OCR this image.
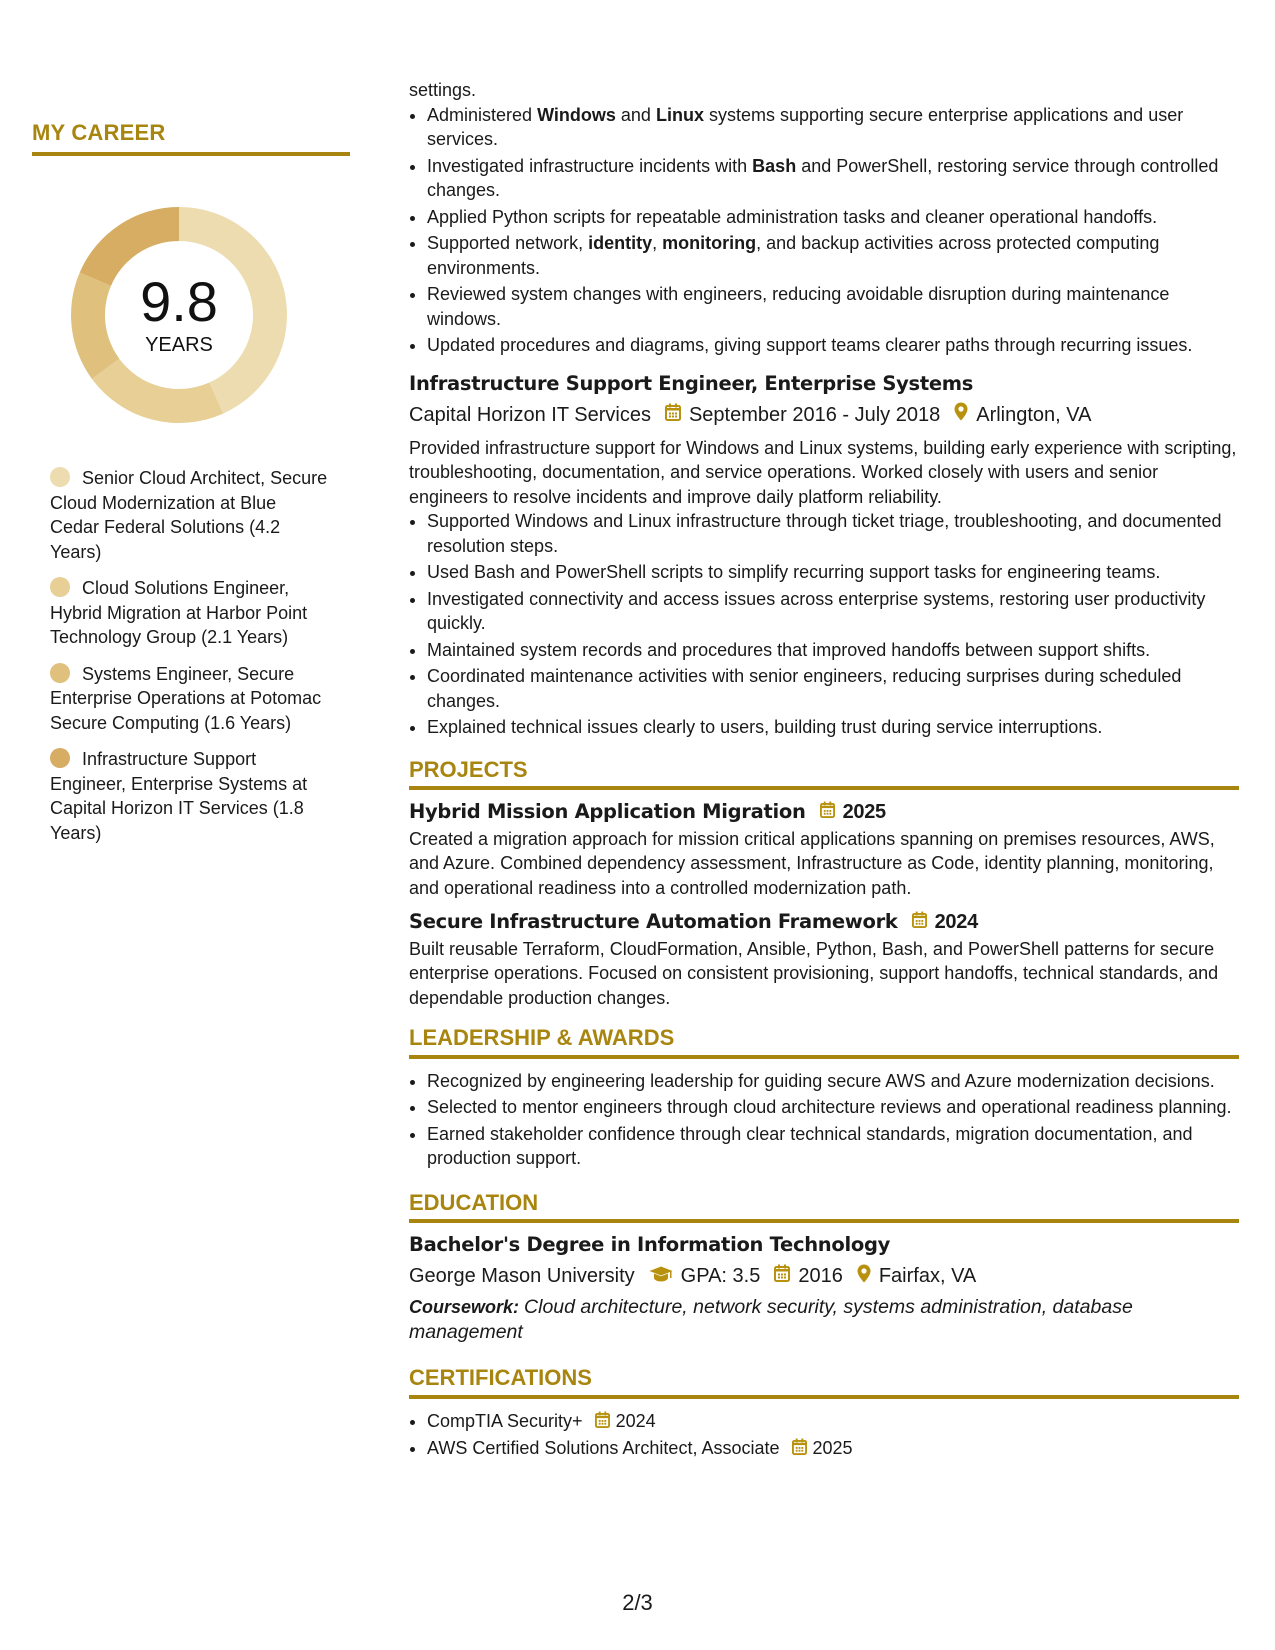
MY CAREER
9.8
YEARS
Senior Cloud Architect, Secure Cloud Modernization at Blue Cedar Federal Solutions (4.2 Years)
Cloud Solutions Engineer, Hybrid Migration at Harbor Point Technology Group (2.1 Years)
Systems Engineer, Secure Enterprise Operations at Potomac Secure Computing (1.6 Years)
Infrastructure Support Engineer, Enterprise Systems at Capital Horizon IT Services (1.8 Years)

settings.

• Administered Windows and Linux systems supporting secure enterprise applications and user services.
• Investigated infrastructure incidents with Bash and PowerShell, restoring service through controlled changes.
• Applied Python scripts for repeatable administration tasks and cleaner operational handoffs.
• Supported network, identity, monitoring, and backup activities across protected computing environments.
• Reviewed system changes with engineers, reducing avoidable disruption during maintenance windows.
• Updated procedures and diagrams, giving support teams clearer paths through recurring issues.
Infrastructure Support Engineer, Enterprise Systems
Capital Horizon IT Services September 2016 - July 2018 Arlington, VA

Provided infrastructure support for Windows and Linux systems, building early experience with scripting, troubleshooting, documentation, and service operations. Worked closely with users and senior engineers to resolve incidents and improve daily platform reliability.

• Supported Windows and Linux infrastructure through ticket triage, troubleshooting, and documented resolution steps.
• Used Bash and PowerShell scripts to simplify recurring support tasks for engineering teams.
• Investigated connectivity and access issues across enterprise systems, restoring user productivity quickly.
• Maintained system records and procedures that improved handoffs between support shifts.
• Coordinated maintenance activities with senior engineers, reducing surprises during scheduled changes.
• Explained technical issues clearly to users, building trust during service interruptions.
PROJECTS
Hybrid Mission Application Migration 2025

Created a migration approach for mission critical applications spanning on premises resources, AWS, and Azure. Combined dependency assessment, Infrastructure as Code, identity planning, monitoring, and operational readiness into a controlled modernization path.

Secure Infrastructure Automation Framework 2024

Built reusable Terraform, CloudFormation, Ansible, Python, Bash, and PowerShell patterns for secure enterprise operations. Focused on consistent provisioning, support handoffs, technical standards, and dependable production changes.

LEADERSHIP & AWARDS
• Recognized by engineering leadership for guiding secure AWS and Azure modernization decisions.
• Selected to mentor engineers through cloud architecture reviews and operational readiness planning.
• Earned stakeholder confidence through clear technical standards, migration documentation, and production support.
EDUCATION
Bachelor's Degree in Information Technology
George Mason University GPA: 3.5 2016 Fairfax, VA

Coursework: Cloud architecture, network security, systems administration, database management

CERTIFICATIONS
• CompTIA Security+ 2024
• AWS Certified Solutions Architect, Associate 2025
2/3
